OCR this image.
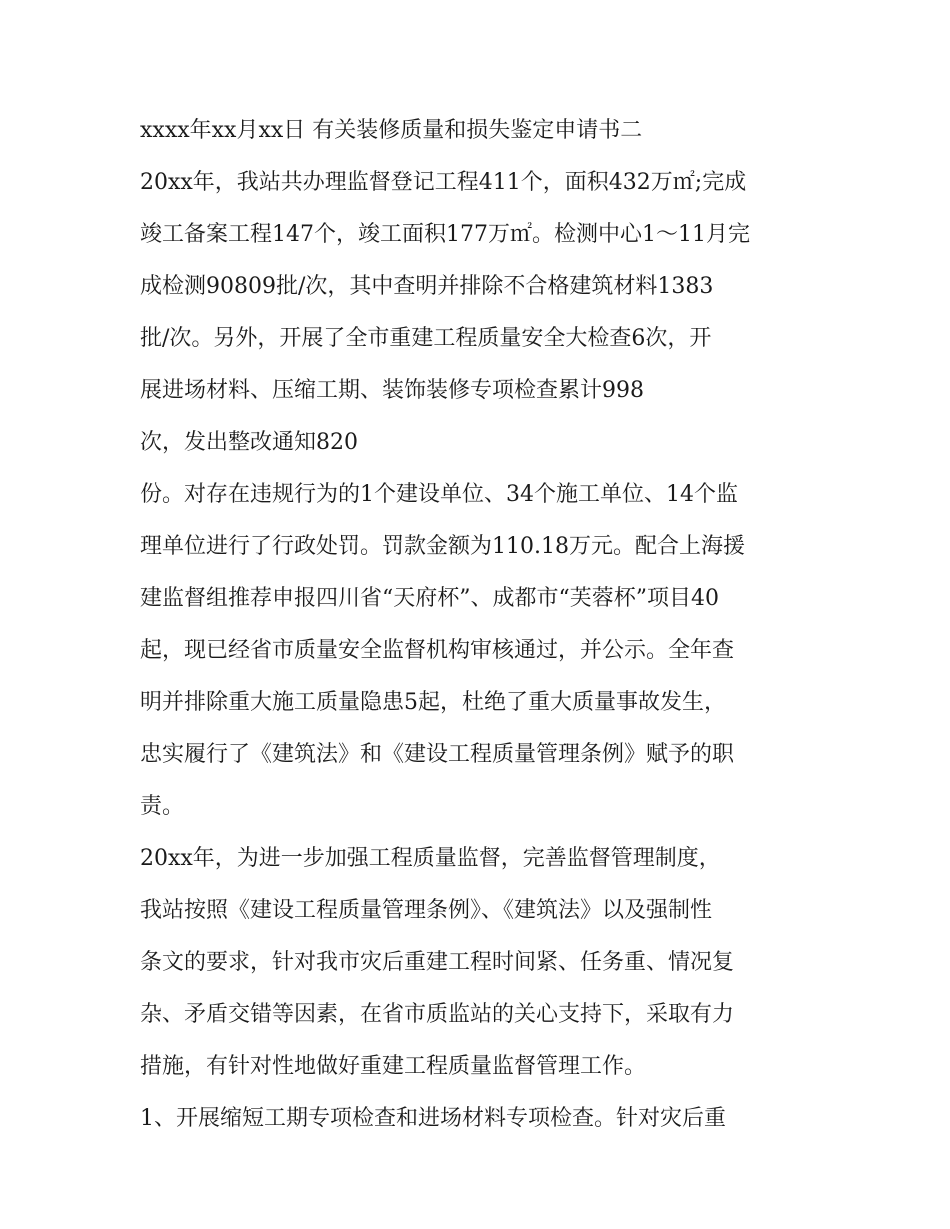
xxxx年xx月xx日 有关装修质量和损失鉴定申请书二
20xx年，我站共办理监督登记工程411个，面积432万㎡;完成
竣工备案工程147个，竣工面积177万㎡。检测中心1～11月完
成检测90809批/次，其中查明并排除不合格建筑材料1383
批/次。另外，开展了全市重建工程质量安全大检查6次，开
展进场材料、压缩工期、装饰装修专项检查累计998
次，发出整改通知820
份。对存在违规行为的1个建设单位、34个施工单位、14个监
理单位进行了行政处罚。罚款金额为110.18万元。配合上海援
建监督组推荐申报四川省“天府杯”、成都市“芙蓉杯”项目40
起，现已经省市质量安全监督机构审核通过，并公示。全年查
明并排除重大施工质量隐患5起，杜绝了重大质量事故发生，
忠实履行了《建筑法》和《建设工程质量管理条例》赋予的职
责。
20xx年，为进一步加强工程质量监督，完善监督管理制度，
我站按照《建设工程质量管理条例》、《建筑法》以及强制性
条文的要求，针对我市灾后重建工程时间紧、任务重、情况复
杂、矛盾交错等因素，在省市质监站的关心支持下，采取有力
措施，有针对性地做好重建工程质量监督管理工作。
1、开展缩短工期专项检查和进场材料专项检查。针对灾后重
